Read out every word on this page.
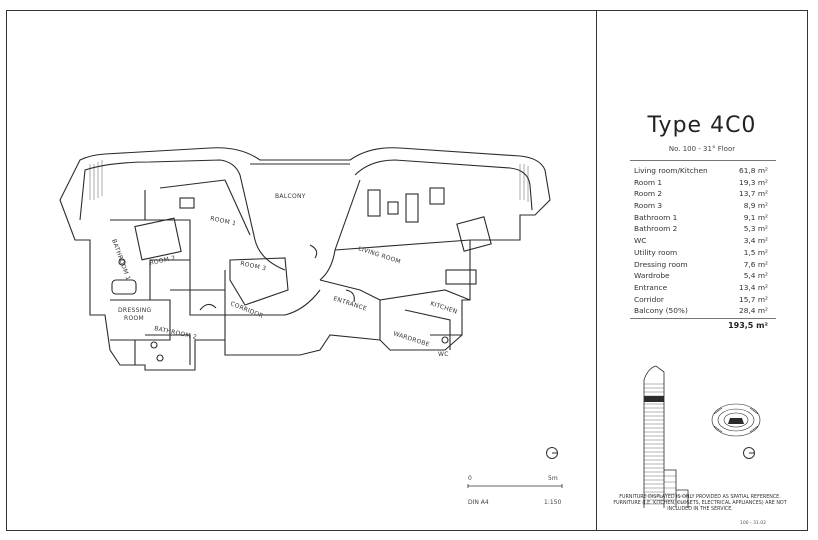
BALCONY
ROOM 1
ROOM 2	ROOM 3
BATHROOM 1
BATHROOM 2
DRESSING
ROOM	CORRIDOR
LIVING ROOM
ENTRANCE	KITCHEN
WARDROBE
WC
0	5m
DIN A4	1:150
Type 4C0
No. 100 - 31° Floor
Living room/Kitchen	61,8 m²
Room 1	19,3 m²
Room 2	13,7 m²
Room 3	8,9 m²
Bathroom 1	9,1 m²
Bathroom 2	5,3 m²
WC	3,4 m²
Utility room	1,5 m²
Dressing room	7,6 m²
Wardrobe	5,4 m²
Entrance	13,4 m²
Corridor	15,7 m²
Balcony (50%)	28,4 m²
193,5 m²
FURNITURE DISPLAYED IS ONLY PROVIDED AS SPATIAL REFERENCE. FURNITURE (I.E. KITCHEN, CLOSETS, ELECTRICAL APPLIANCES) ARE NOT INCLUDED IN THE SERVICE.
100 - 31.02
